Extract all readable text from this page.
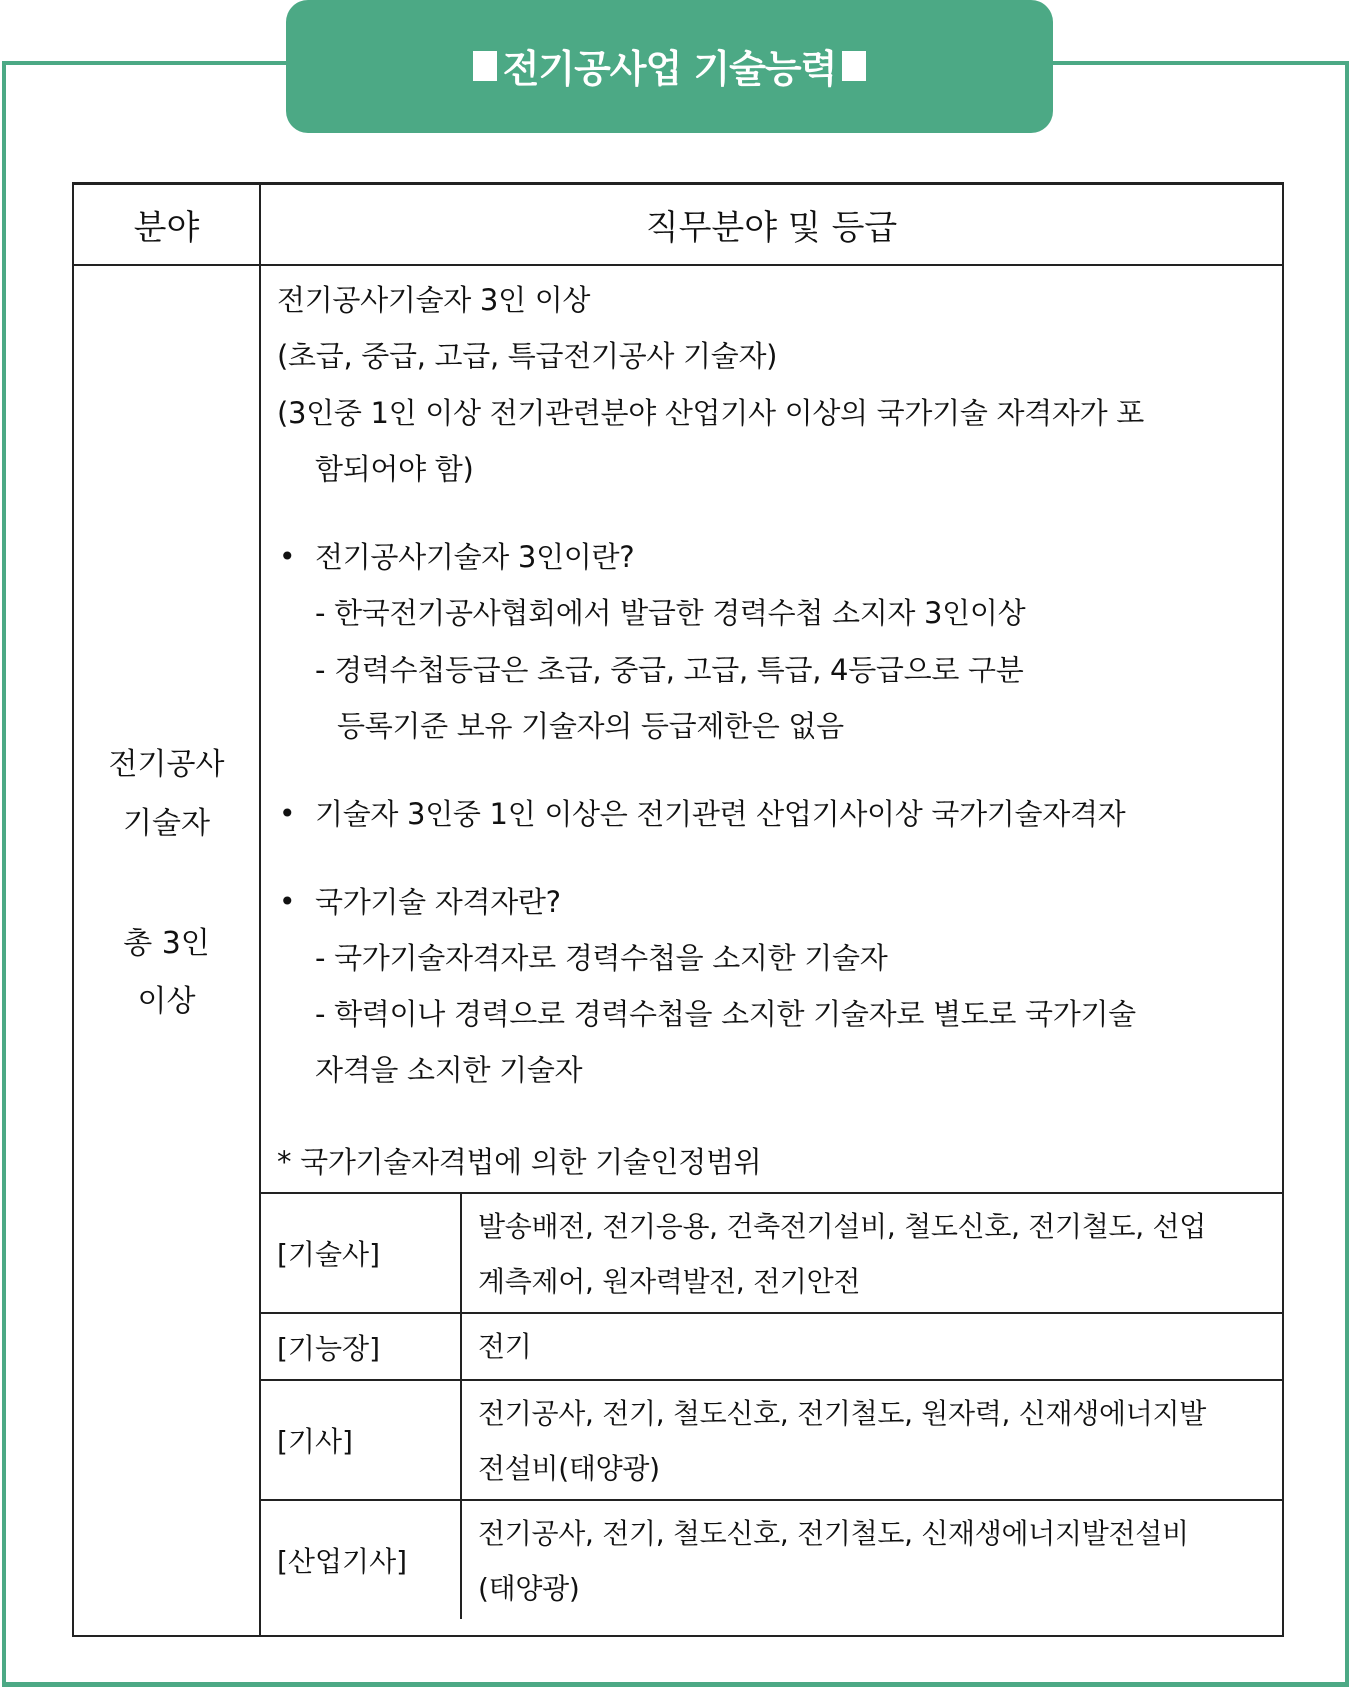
전기공사업 기술능력
분야	직무분야 및 등급
전기공사
기술자
총 3인
이상
전기공사기술자 3인 이상
(초급, 중급, 고급, 특급전기공사 기술자)
(3인중 1인 이상 전기관련분야 산업기사 이상의 국가기술 자격자가 포
함되어야 함)
• 전기공사기술자 3인이란?
- 한국전기공사협회에서 발급한 경력수첩 소지자 3인이상
- 경력수첩등급은 초급, 중급, 고급, 특급, 4등급으로 구분
등록기준 보유 기술자의 등급제한은 없음
• 기술자 3인중 1인 이상은 전기관련 산업기사이상 국가기술자격자
• 국가기술 자격자란?
- 국가기술자격자로 경력수첩을 소지한 기술자
- 학력이나 경력으로 경력수첩을 소지한 기술자로 별도로 국가기술
자격을 소지한 기술자
* 국가기술자격법에 의한 기술인정범위
[기술사]
발송배전, 전기응용, 건축전기설비, 철도신호, 전기철도, 선업
계측제어, 원자력발전, 전기안전
[기능장]	전기
[기사]
전기공사, 전기, 철도신호, 전기철도, 원자력, 신재생에너지발
전설비(태양광)
[산업기사]
전기공사, 전기, 철도신호, 전기철도, 신재생에너지발전설비
(태양광)
